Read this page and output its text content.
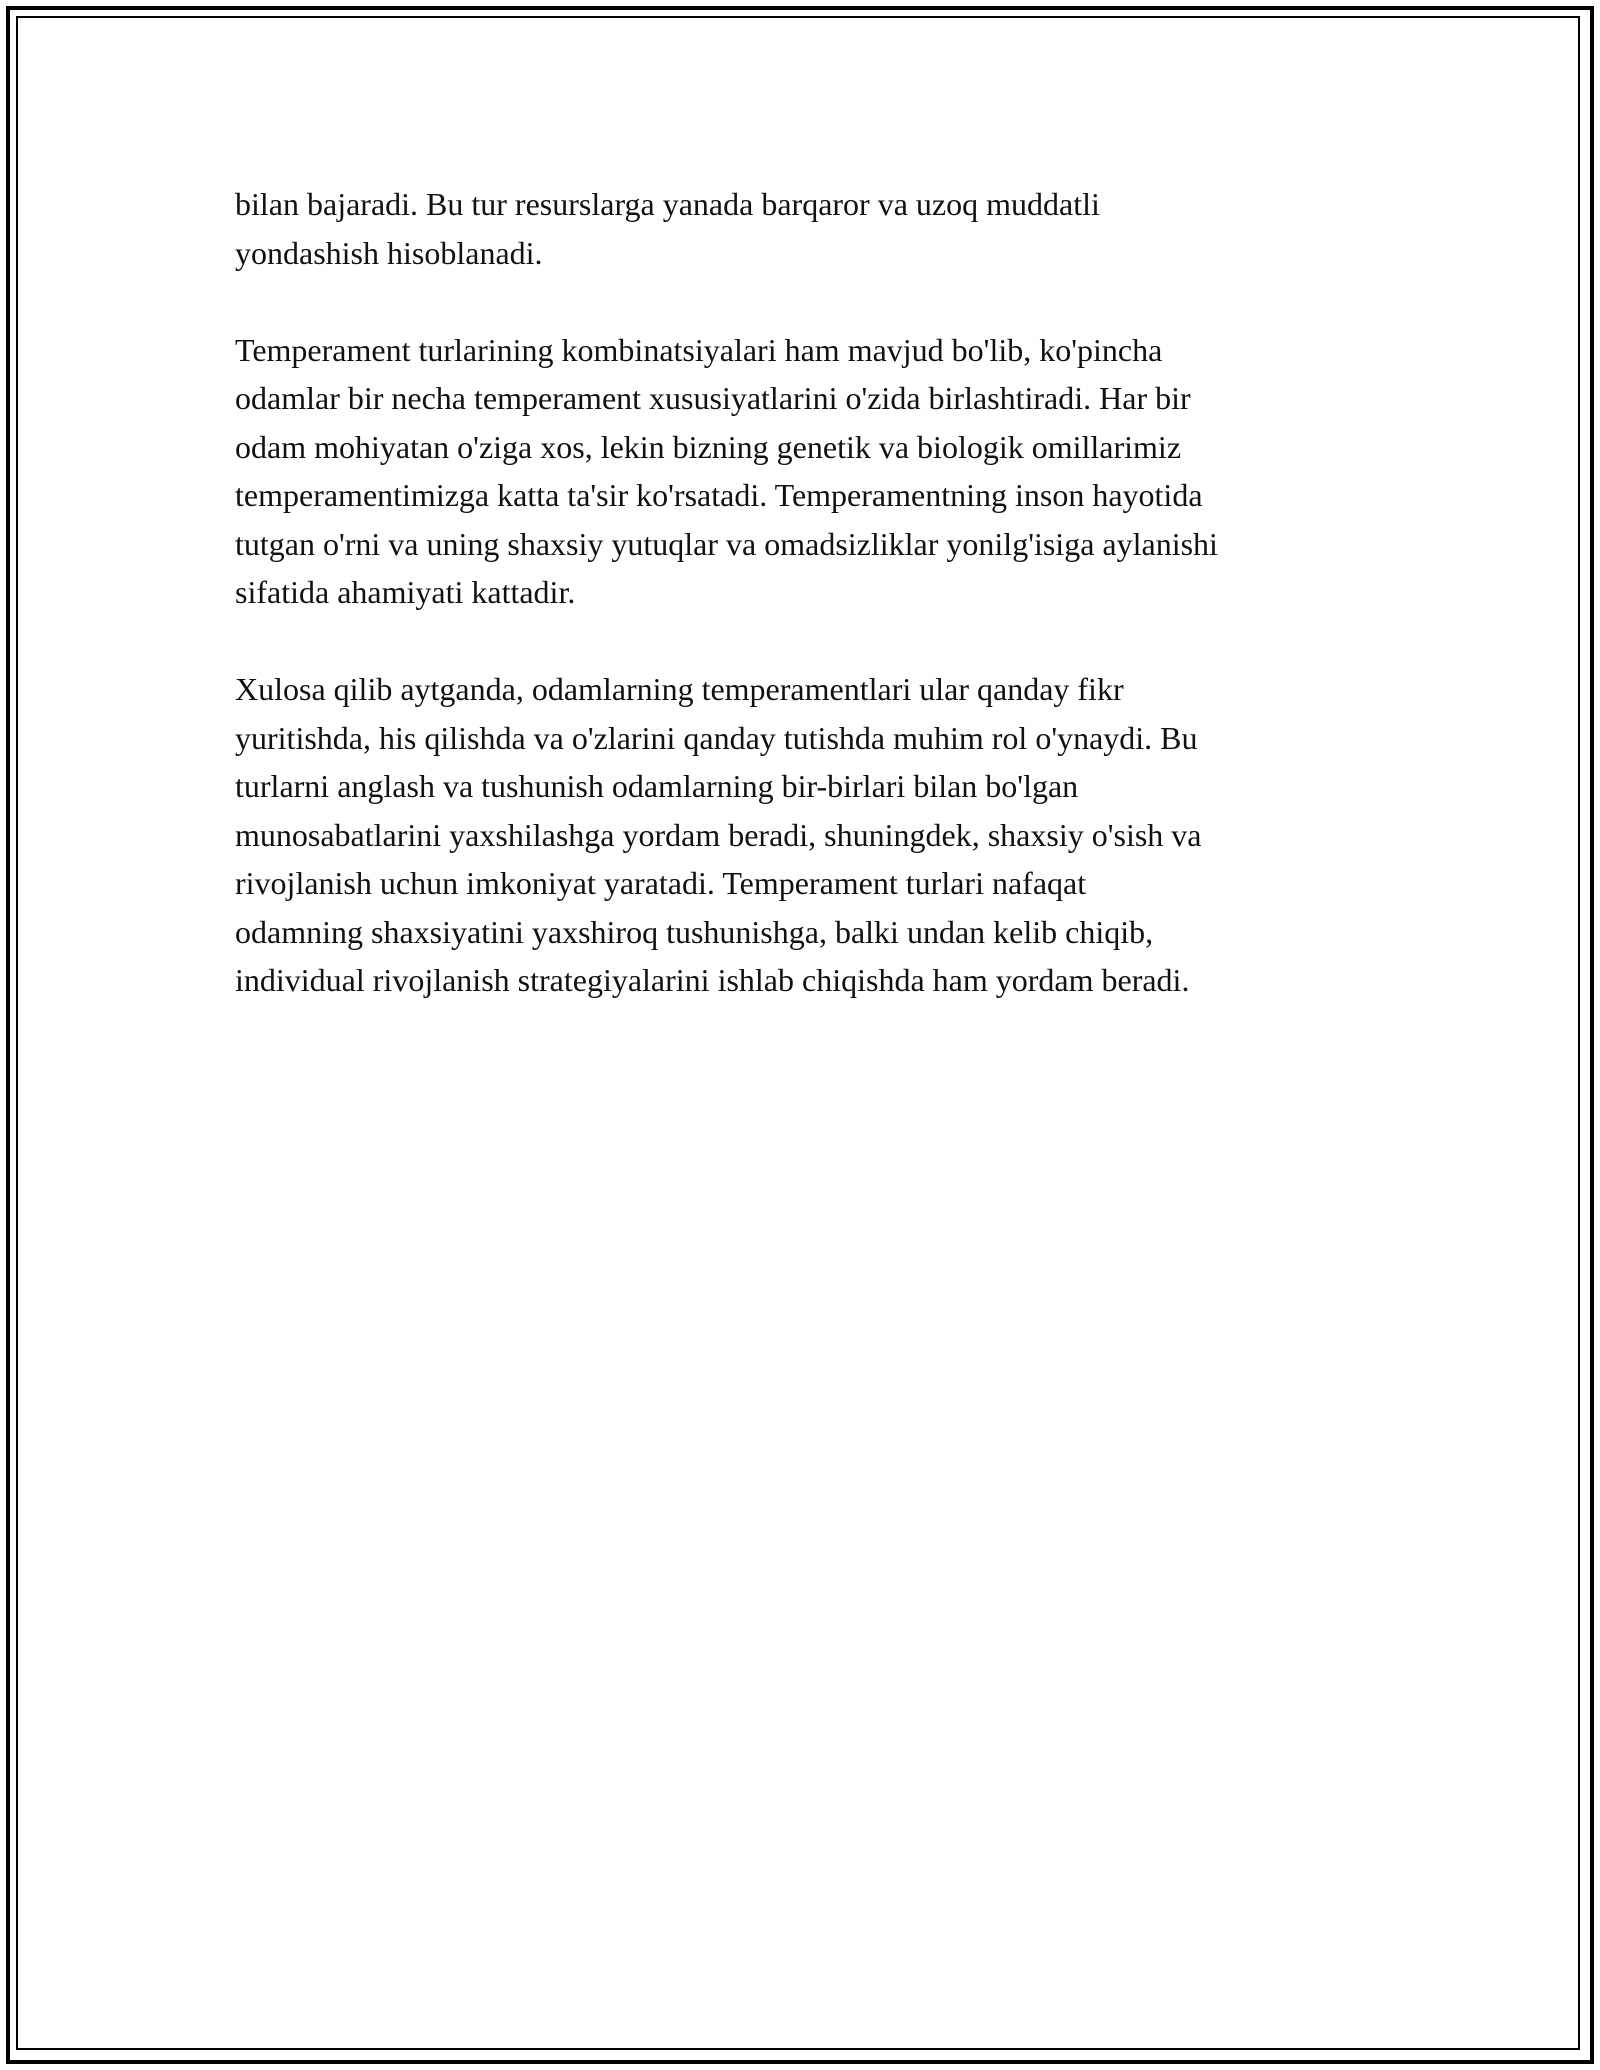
bilan bajaradi. Bu tur resurslarga yanada barqaror va uzoq muddatli
yondashish hisoblanadi.

Temperament turlarining kombinatsiyalari ham mavjud bo'lib, ko'pincha
odamlar bir necha temperament xususiyatlarini o'zida birlashtiradi. Har bir
odam mohiyatan o'ziga xos, lekin bizning genetik va biologik omillarimiz
temperamentimizga katta ta'sir ko'rsatadi. Temperamentning inson hayotida
tutgan o'rni va uning shaxsiy yutuqlar va omadsizliklar yonilg'isiga aylanishi
sifatida ahamiyati kattadir.

Xulosa qilib aytganda, odamlarning temperamentlari ular qanday fikr
yuritishda, his qilishda va o'zlarini qanday tutishda muhim rol o'ynaydi. Bu
turlarni anglash va tushunish odamlarning bir-birlari bilan bo'lgan
munosabatlarini yaxshilashga yordam beradi, shuningdek, shaxsiy o'sish va
rivojlanish uchun imkoniyat yaratadi. Temperament turlari nafaqat
odamning shaxsiyatini yaxshiroq tushunishga, balki undan kelib chiqib,
individual rivojlanish strategiyalarini ishlab chiqishda ham yordam beradi.
